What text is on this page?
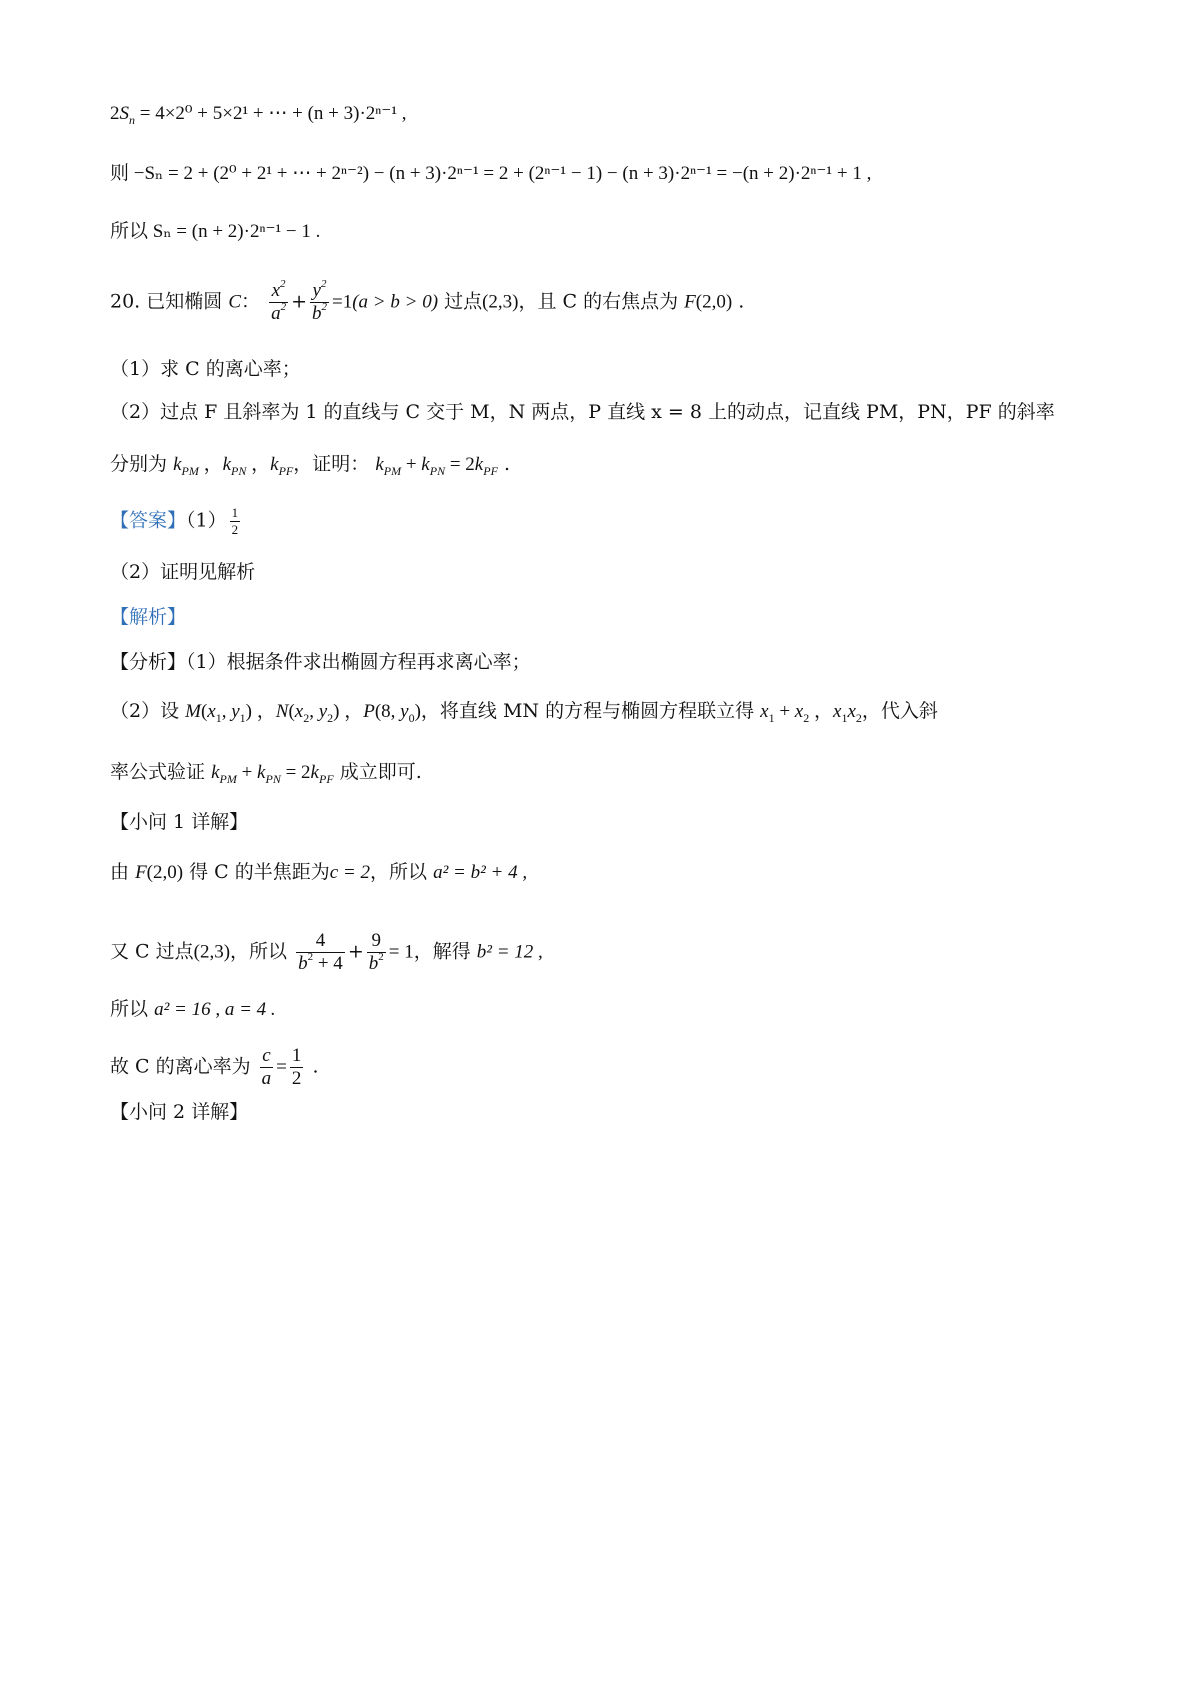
$2S_n = 4\times 2^0 + 5\times 2^1$ + ⋯ + (n + 3)·2ⁿ⁻¹ ,
则 −Sₙ = 2 + (2⁰ + 2¹ + ⋯ + 2ⁿ⁻²) − (n + 3)·2ⁿ⁻¹ = 2 + (2ⁿ⁻¹ − 1) − (n + 3)·2ⁿ⁻¹ = −(n + 2)·2ⁿ⁻¹ + 1 ,
所以 Sₙ = (n + 2)·2ⁿ⁻¹ − 1 .
20. 已知椭圆 C： $\frac{x^2}{a^2} + \frac{y^2}{b^2} =1(a > b > 0)$ 过点(2,3)，且 C 的右焦点为 F(2,0) .
（1）求 C 的离心率；
（2）过点 F 且斜率为 1 的直线与 C 交于 M，N 两点，P 直线 x = 8 上的动点，记直线 PM，PN，PF 的斜率
分别为 $k_{PM}$ ，$k_{PN}$ ，$k_{PF}$，证明： $k_{PM} + k_{PN} = 2k_{PF}$ .
【答案】$(1) \frac{1}{2}$
（2）证明见解析
【解析】
【分析】（1）根据条件求出椭圆方程再求离心率；
（2）设 $M(x_1$, $y_1$) ，$N(x_2$, $y_2$) ，P(8, $y_0$)，将直线 MN 的方程与椭圆方程联立得 $x_1 + x_2$ ，$x_1x_2$，代入斜
率公式验证 $k_{PM} + k_{PN} = 2k_{PF}$ 成立即可.
【小问 1 详解】
由 F(2,0) 得 C 的半焦距为c = 2，所以 a² = b² + 4 ,
又 C 过点(2,3)，所以 $\frac{4}{b^2 + 4} + \frac{9}{b^2} = 1$，解得 b² = 12 ,
所以 a² = 16 , a = 4 .
故 C 的离心率为 $\frac{c}{a} = \frac{1}{2}$ .
【小问 2 详解】
